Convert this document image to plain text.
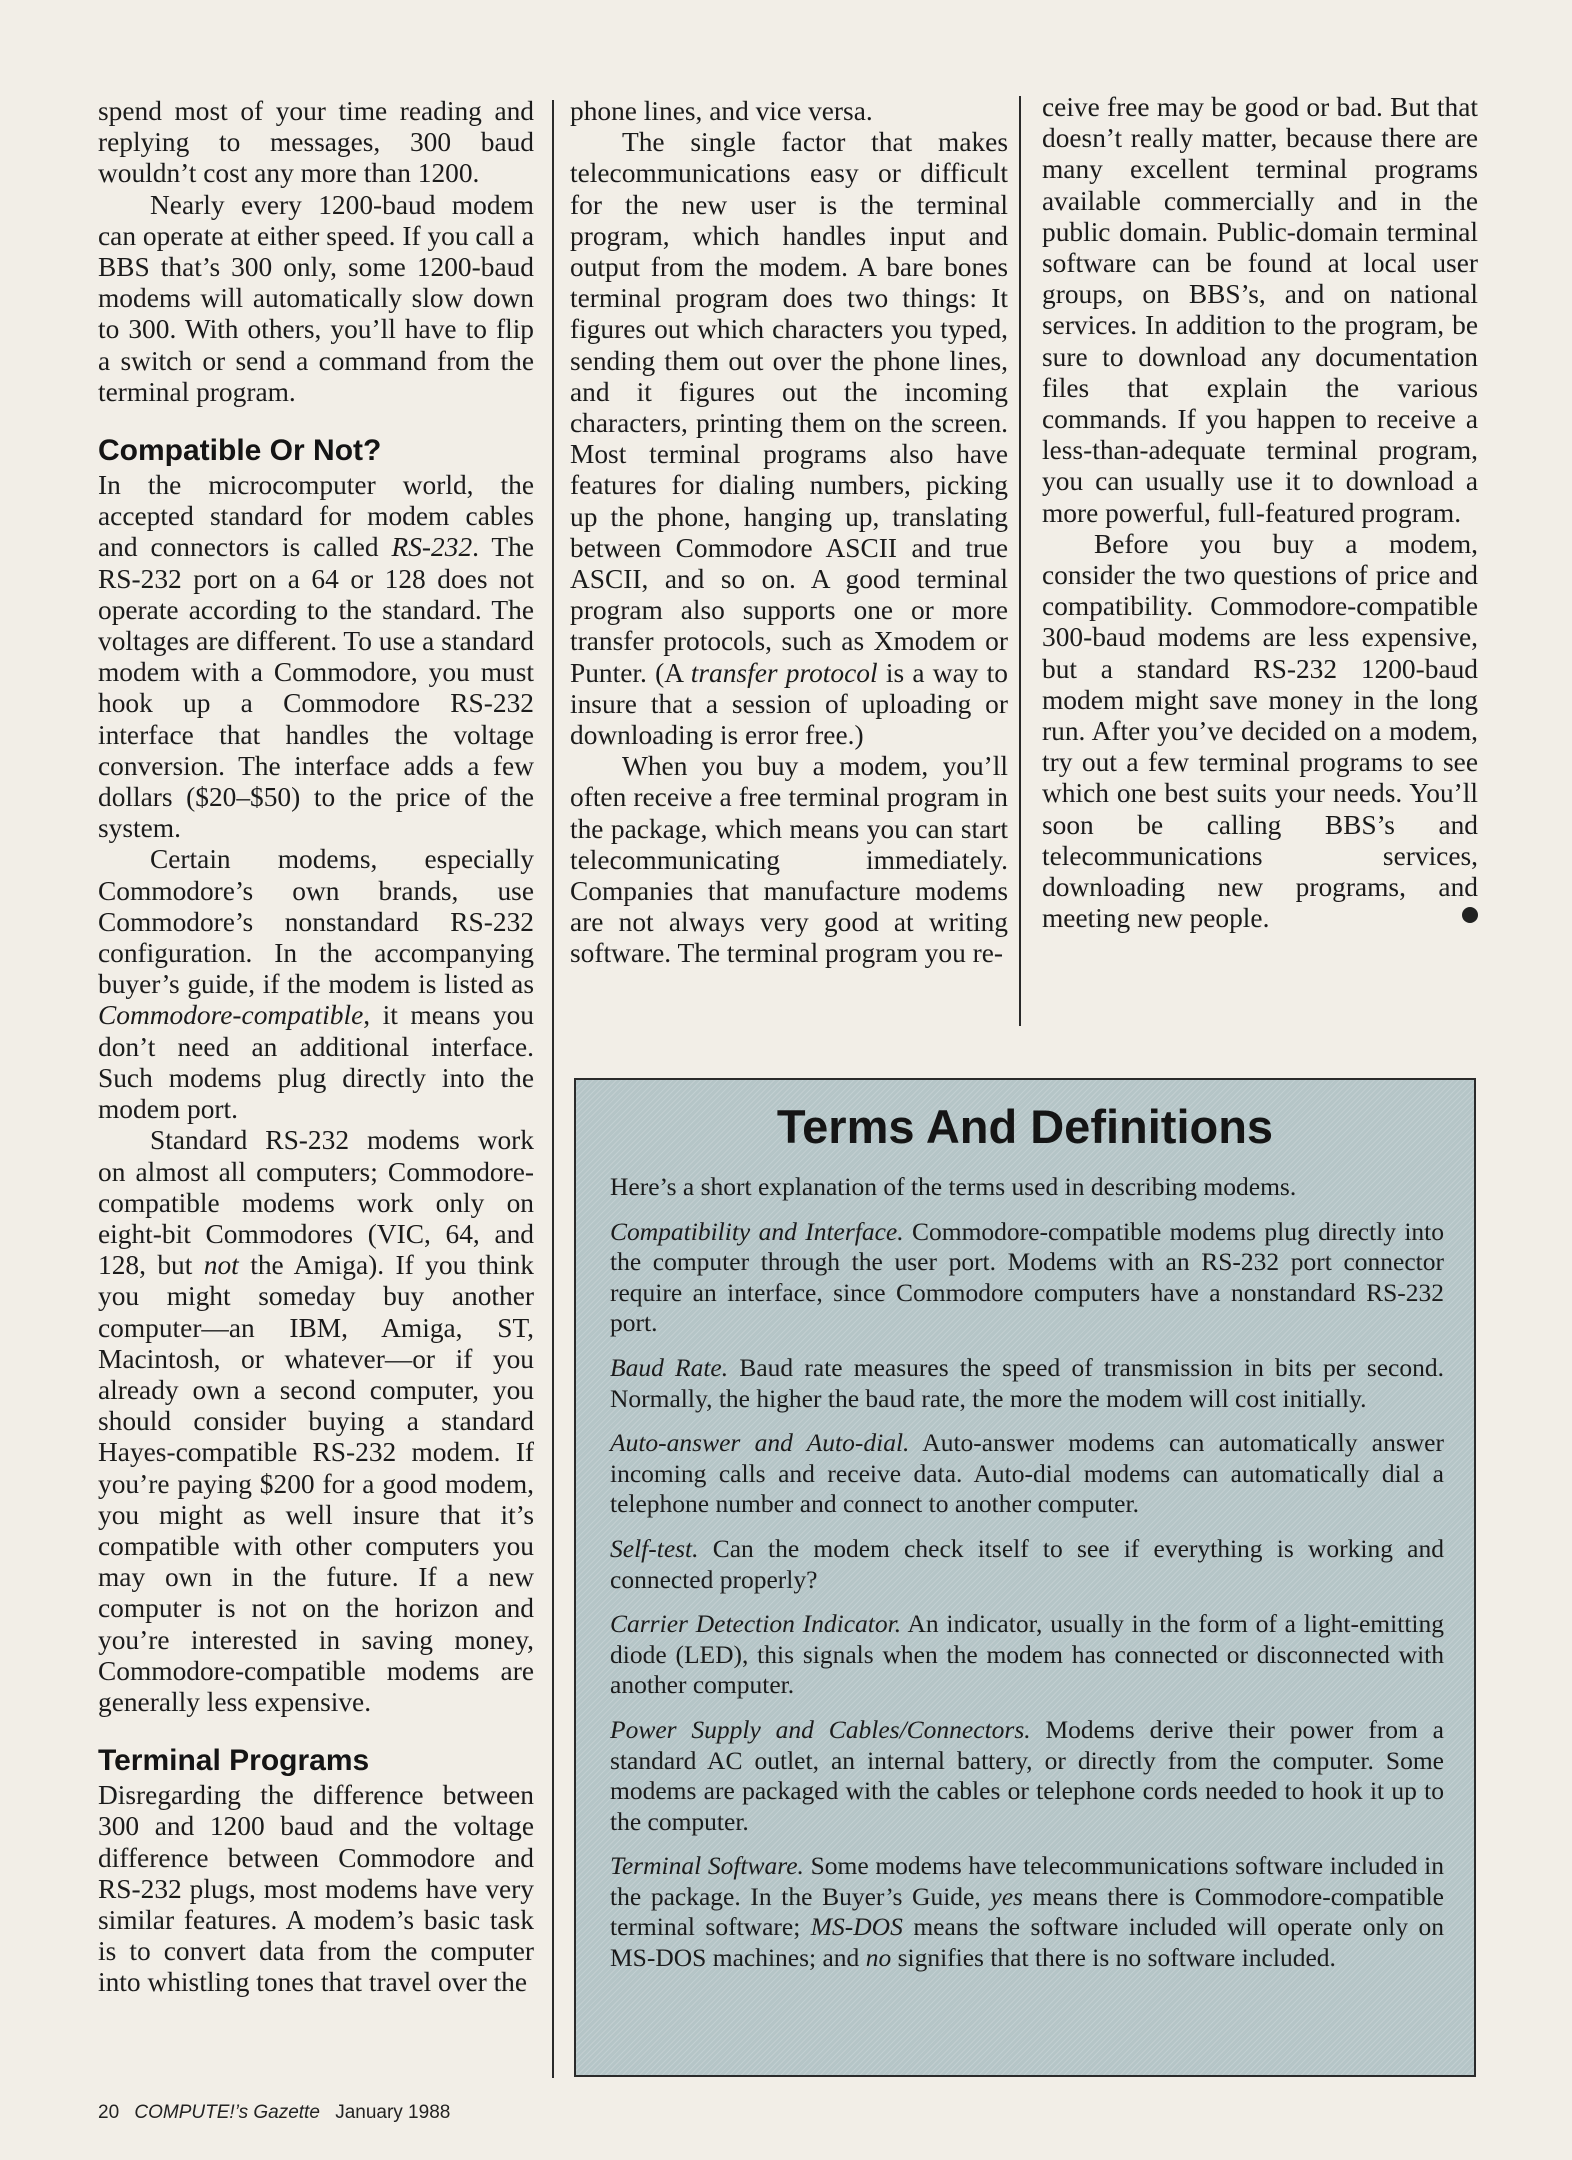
spend most of your time reading and replying to messages, 300 baud wouldn’t cost any more than 1200.

Nearly every 1200-baud modem can operate at either speed. If you call a BBS that’s 300 only, some 1200-baud modems will automatically slow down to 300. With others, you’ll have to flip a switch or send a command from the terminal program.

Compatible Or Not?

In the microcomputer world, the accepted standard for modem cables and connectors is called RS-232. The RS-232 port on a 64 or 128 does not operate according to the standard. The voltages are different. To use a standard modem with a Commodore, you must hook up a Commodore RS-232 interface that handles the voltage conversion. The interface adds a few dollars ($20–$50) to the price of the system.

Certain modems, especially Commodore’s own brands, use Commodore’s nonstandard RS-232 configuration. In the accompanying buyer’s guide, if the modem is listed as Commodore-compatible, it means you don’t need an additional interface. Such modems plug directly into the modem port.

Standard RS-232 modems work on almost all computers; Commodore-compatible modems work only on eight-bit Commodores (VIC, 64, and 128, but not the Amiga). If you think you might someday buy another computer—an IBM, Amiga, ST, Macintosh, or whatever—or if you already own a second computer, you should consider buying a standard Hayes-compatible RS-232 modem. If you’re paying $200 for a good modem, you might as well insure that it’s compatible with other computers you may own in the future. If a new computer is not on the horizon and you’re interested in saving money, Commodore-compatible modems are generally less expensive.

Terminal Programs

Disregarding the difference between 300 and 1200 baud and the voltage difference between Commodore and RS-232 plugs, most modems have very similar features. A modem’s basic task is to convert data from the computer into whistling tones that travel over the

phone lines, and vice versa.

The single factor that makes telecommunications easy or difficult for the new user is the terminal program, which handles input and output from the modem. A bare bones terminal program does two things: It figures out which characters you typed, sending them out over the phone lines, and it figures out the incoming characters, printing them on the screen. Most terminal programs also have features for dialing numbers, picking up the phone, hanging up, translating between Commodore ASCII and true ASCII, and so on. A good terminal program also supports one or more transfer protocols, such as Xmodem or Punter. (A transfer protocol is a way to insure that a session of uploading or downloading is error free.)

When you buy a modem, you’ll often receive a free terminal program in the package, which means you can start telecommunicating immediately. Companies that manufacture modems are not always very good at writing software. The terminal program you re-

ceive free may be good or bad. But that doesn’t really matter, because there are many excellent terminal programs available commercially and in the public domain. Public-domain terminal software can be found at local user groups, on BBS’s, and on national services. In addition to the program, be sure to download any documentation files that explain the various commands. If you happen to receive a less-than-adequate terminal program, you can usually use it to download a more powerful, full-featured program.

Before you buy a modem, consider the two questions of price and compatibility. Commodore-compatible 300-baud modems are less expensive, but a standard RS-232 1200-baud modem might save money in the long run. After you’ve decided on a modem, try out a few terminal programs to see which one best suits your needs. You’ll soon be calling BBS’s and telecommunications services, downloading new programs, and meeting new people.

Terms And Definitions

Here’s a short explanation of the terms used in describing modems.

Compatibility and Interface. Commodore-compatible modems plug directly into the computer through the user port. Modems with an RS-232 port connector require an interface, since Commodore computers have a nonstandard RS-232 port.

Baud Rate. Baud rate measures the speed of transmission in bits per second. Normally, the higher the baud rate, the more the modem will cost initially.

Auto-answer and Auto-dial. Auto-answer modems can automatically answer incoming calls and receive data. Auto-dial modems can automatically dial a telephone number and connect to another computer.

Self-test. Can the modem check itself to see if everything is working and connected properly?

Carrier Detection Indicator. An indicator, usually in the form of a light-emitting diode (LED), this signals when the modem has connected or disconnected with another computer.

Power Supply and Cables/Connectors. Modems derive their power from a standard AC outlet, an internal battery, or directly from the computer. Some modems are packaged with the cables or telephone cords needed to hook it up to the computer.

Terminal Software. Some modems have telecommunications software included in the package. In the Buyer’s Guide, yes means there is Commodore-compatible terminal software; MS-DOS means the software included will operate only on MS-DOS machines; and no signifies that there is no software included.

20 COMPUTE!’s Gazette January 1988
